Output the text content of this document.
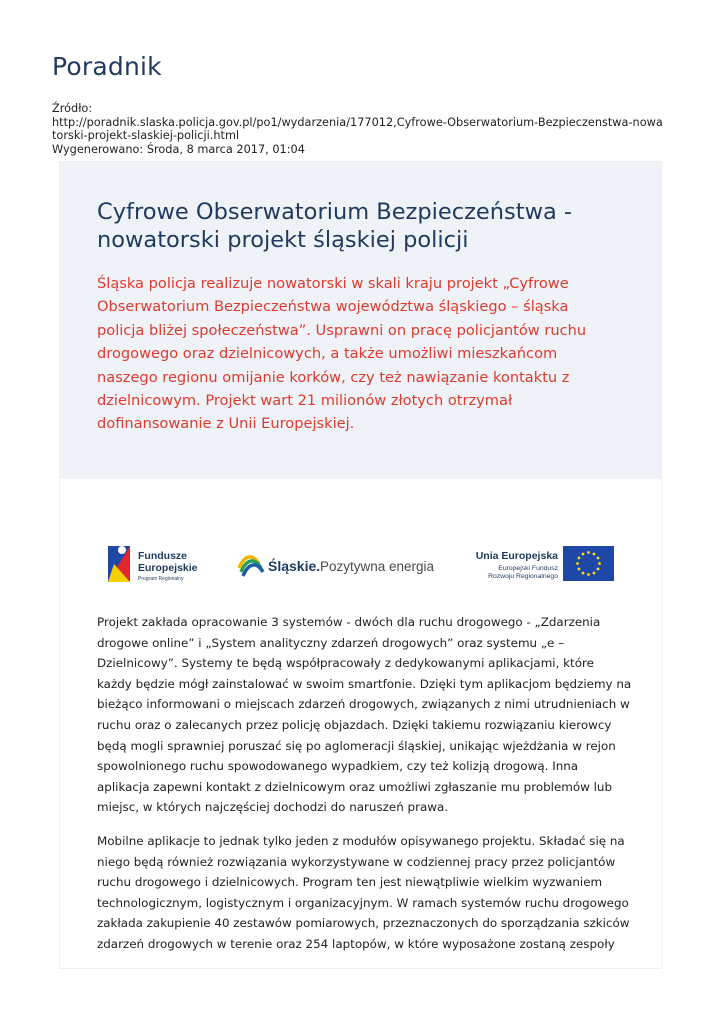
Poradnik
Źródło:
http://poradnik.slaska.policja.gov.pl/po1/wydarzenia/177012,Cyfrowe-Obserwatorium-Bezpieczenstwa-nowa
torski-projekt-slaskiej-policji.html
Wygenerowano: Środa, 8 marca 2017, 01:04
Cyfrowe Obserwatorium Bezpieczeństwa -
nowatorski projekt śląskiej policji

Śląska policja realizuje nowatorski w skali kraju projekt „Cyfrowe Obserwatorium Bezpieczeństwa województwa śląskiego – śląska policja bliżej społeczeństwa”. Usprawni on pracę policjantów ruchu drogowego oraz dzielnicowych, a także umożliwi mieszkańcom naszego regionu omijanie korków, czy też nawiązanie kontaktu z dzielnicowym. Projekt wart 21 milionów złotych otrzymał dofinansowanie z Unii Europejskiej.

Fundusze
Europejskie
Program Regionalny
Śląskie. Pozytywna energia
Unia Europejska
Europejski Fundusz
Rozwoju Regionalnego

Projekt zakłada opracowanie 3 systemów - dwóch dla ruchu drogowego - „Zdarzenia drogowe online” i „System analityczny zdarzeń drogowych” oraz systemu „e – Dzielnicowy”. Systemy te będą współpracowały z dedykowanymi aplikacjami, które każdy będzie mógł zainstalować w swoim smartfonie. Dzięki tym aplikacjom będziemy na bieżąco informowani o miejscach zdarzeń drogowych, związanych z nimi utrudnieniach w ruchu oraz o zalecanych przez policję objazdach. Dzięki takiemu rozwiązaniu kierowcy będą mogli sprawniej poruszać się po aglomeracji śląskiej, unikając wjeżdżania w rejon spowolnionego ruchu spowodowanego wypadkiem, czy też kolizją drogową. Inna aplikacja zapewni kontakt z dzielnicowym oraz umożliwi zgłaszanie mu problemów lub miejsc, w których najczęściej dochodzi do naruszeń prawa.

Mobilne aplikacje to jednak tylko jeden z modułów opisywanego projektu. Składać się na niego będą również rozwiązania wykorzystywane w codziennej pracy przez policjantów ruchu drogowego i dzielnicowych. Program ten jest niewątpliwie wielkim wyzwaniem technologicznym, logistycznym i organizacyjnym. W ramach systemów ruchu drogowego zakłada zakupienie 40 zestawów pomiarowych, przeznaczonych do sporządzania szkiców zdarzeń drogowych w terenie oraz 254 laptopów, w które wyposażone zostaną zespoły
